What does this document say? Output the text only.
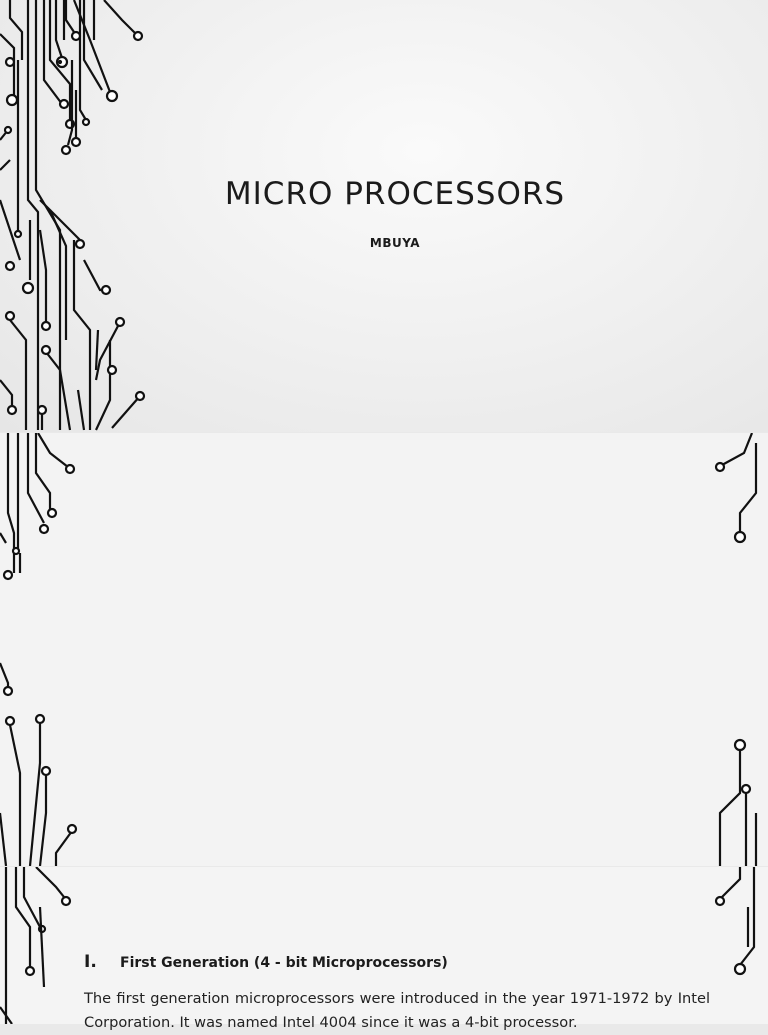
MICRO PROCESSORS
MBUYA

I. First Generation (4 - bit Microprocessors)

The first generation microprocessors were introduced in the year 1971-1972 by Intel Corporation. It was named Intel 4004 since it was a 4-bit processor.
